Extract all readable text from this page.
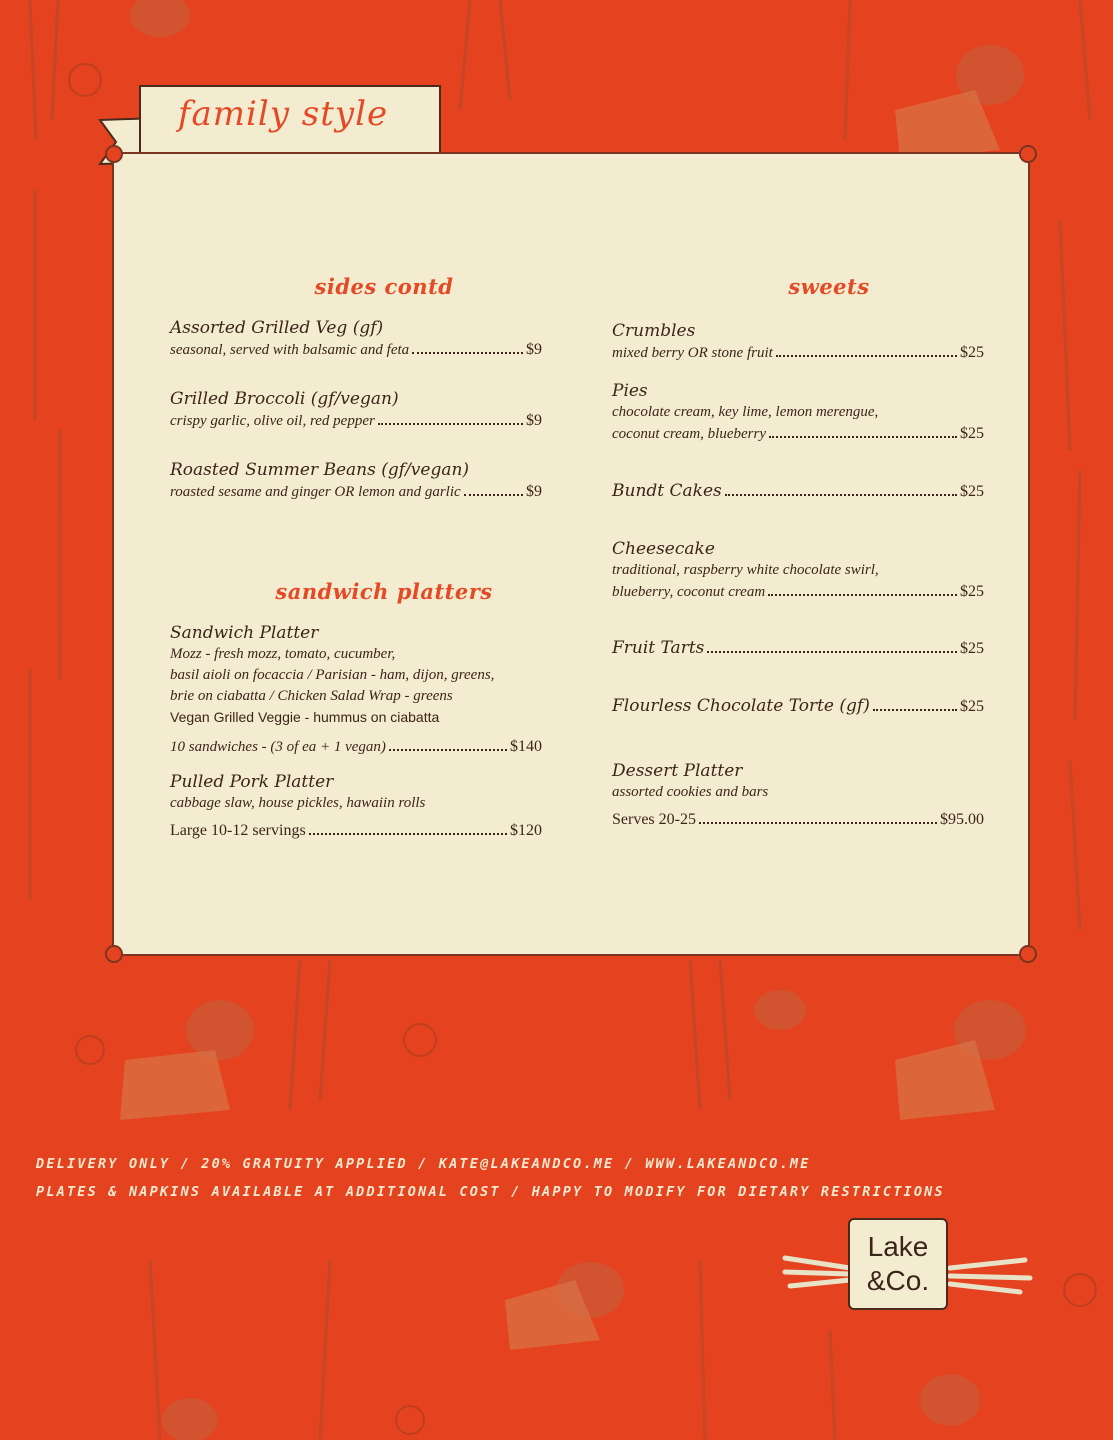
family style
sides contd
Assorted Grilled Veg (gf)
seasonal, served with balsamic and feta	$9
Grilled Broccoli (gf/vegan)
crispy garlic, olive oil, red pepper	$9
Roasted Summer Beans (gf/vegan)
roasted sesame and ginger OR lemon and garlic	$9
sandwich platters
Sandwich Platter
Mozz - fresh mozz, tomato, cucumber,
basil aioli on focaccia / Parisian - ham, dijon, greens,
brie on ciabatta / Chicken Salad Wrap - greens
Vegan Grilled Veggie - hummus on ciabatta
10 sandwiches - (3 of ea + 1 vegan)	$140
Pulled Pork Platter
cabbage slaw, house pickles, hawaiin rolls
Large 10-12 servings	$120
sweets
Crumbles
mixed berry OR stone fruit	$25
Pies
chocolate cream, key lime, lemon merengue,
coconut cream, blueberry	$25
Bundt Cakes	$25
Cheesecake
traditional, raspberry white chocolate swirl,
blueberry, coconut cream	$25
Fruit Tarts	$25
Flourless Chocolate Torte (gf)	$25
Dessert Platter
assorted cookies and bars
Serves 20-25	$95.00
DELIVERY ONLY / 20% GRATUITY APPLIED / KATE@LAKEANDCO.ME / WWW.LAKEANDCO.ME
PLATES & NAPKINS AVAILABLE AT ADDITIONAL COST / HAPPY TO MODIFY FOR DIETARY RESTRICTIONS
Lake
&Co.
